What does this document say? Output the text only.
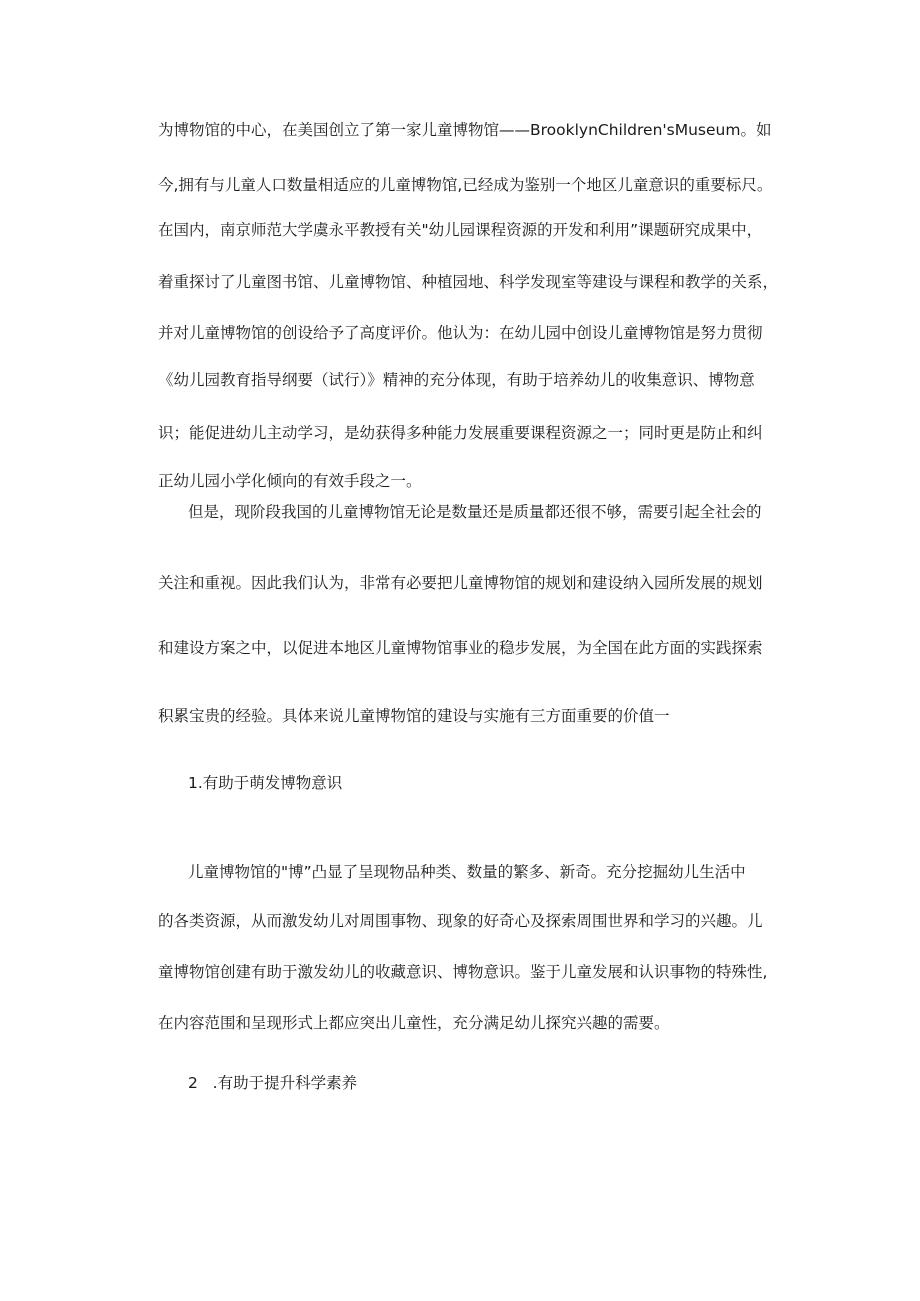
为博物馆的中心，在美国创立了第一家儿童博物馆——BrooklynChildren'sMuseum。如
今,拥有与儿童人口数量相适应的儿童博物馆,已经成为鉴别一个地区儿童意识的重要标尺。
在国内，南京师范大学虞永平教授有关"幼儿园课程资源的开发和利用”课题研究成果中，
着重探讨了儿童图书馆、儿童博物馆、种植园地、科学发现室等建设与课程和教学的关系，
并对儿童博物馆的创设给予了高度评价。他认为：在幼儿园中创设儿童博物馆是努力贯彻
《幼儿园教育指导纲要（试行）》精神的充分体现，有助于培养幼儿的收集意识、博物意
识；能促进幼儿主动学习，是幼获得多种能力发展重要课程资源之一；同时更是防止和纠
正幼儿园小学化倾向的有效手段之一。
但是，现阶段我国的儿童博物馆无论是数量还是质量都还很不够，需要引起全社会的
关注和重视。因此我们认为，非常有必要把儿童博物馆的规划和建设纳入园所发展的规划
和建设方案之中，以促进本地区儿童博物馆事业的稳步发展，为全国在此方面的实践探索
积累宝贵的经验。具体来说儿童博物馆的建设与实施有三方面重要的价值一
1.有助于萌发博物意识
儿童博物馆的"博”凸显了呈现物品种类、数量的繁多、新奇。充分挖掘幼儿生活中
的各类资源，从而激发幼儿对周围事物、现象的好奇心及探索周围世界和学习的兴趣。儿
童博物馆创建有助于激发幼儿的收藏意识、博物意识。鉴于儿童发展和认识事物的特殊性,
在内容范围和呈现形式上都应突出儿童性，充分满足幼儿探究兴趣的需要。
2   .有助于提升科学素养
